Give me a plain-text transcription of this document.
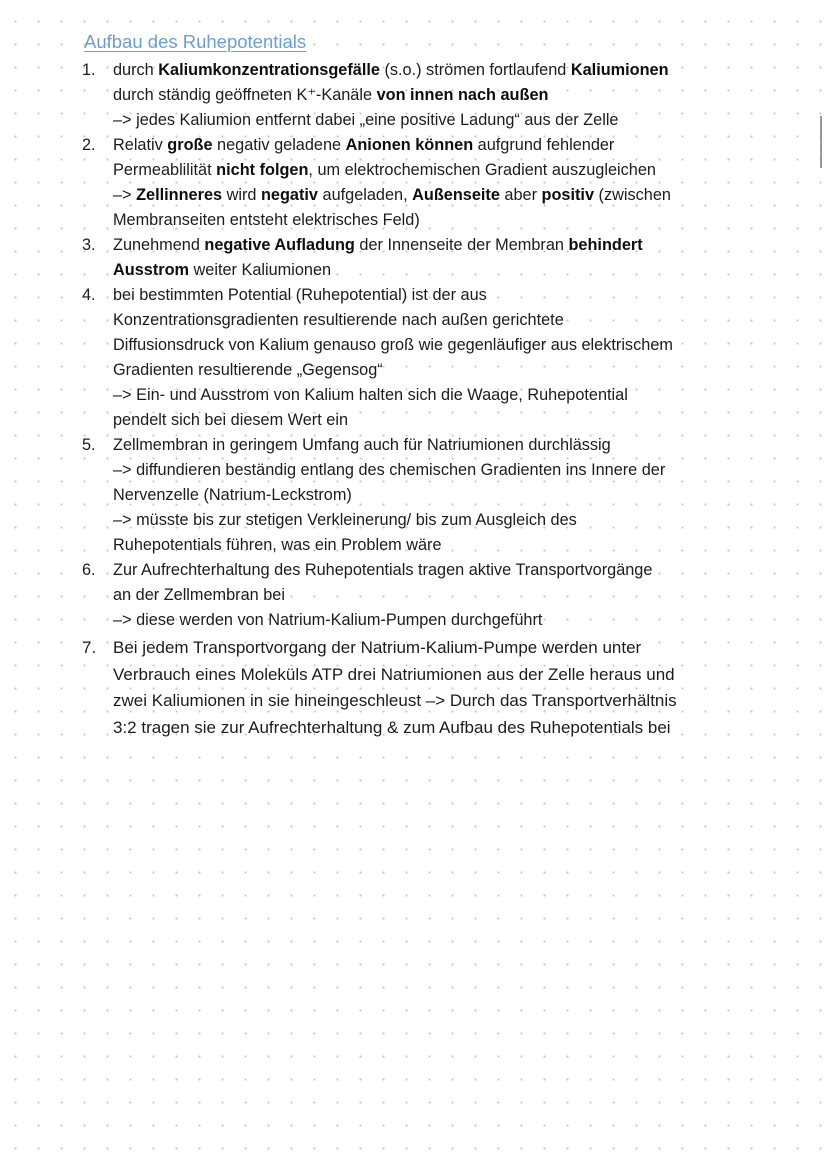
Aufbau des Ruhepotentials
1. durch Kaliumkonzentrationsgefälle (s.o.) strömen fortlaufend Kaliumionen
durch ständig geöffneten K⁺-Kanäle von innen nach außen
–> jedes Kaliumion entfernt dabei „eine positive Ladung“ aus der Zelle
2. Relativ große negativ geladene Anionen können aufgrund fehlender
Permeablilität nicht folgen, um elektrochemischen Gradient auszugleichen
–> Zellinneres wird negativ aufgeladen, Außenseite aber positiv (zwischen
Membranseiten entsteht elektrisches Feld)
3. Zunehmend negative Aufladung der Innenseite der Membran behindert
Ausstrom weiter Kaliumionen
4. bei bestimmten Potential (Ruhepotential) ist der aus
Konzentrationsgradienten resultierende nach außen gerichtete
Diffusionsdruck von Kalium genauso groß wie gegenläufiger aus elektrischem
Gradienten resultierende „Gegensog“
–> Ein- und Ausstrom von Kalium halten sich die Waage, Ruhepotential
pendelt sich bei diesem Wert ein
5. Zellmembran in geringem Umfang auch für Natriumionen durchlässig
–> diffundieren beständig entlang des chemischen Gradienten ins Innere der
Nervenzelle (Natrium-Leckstrom)
–> müsste bis zur stetigen Verkleinerung/ bis zum Ausgleich des
Ruhepotentials führen, was ein Problem wäre
6. Zur Aufrechterhaltung des Ruhepotentials tragen aktive Transportvorgänge
an der Zellmembran bei
–> diese werden von Natrium-Kalium-Pumpen durchgeführt
7. Bei jedem Transportvorgang der Natrium-Kalium-Pumpe werden unter
Verbrauch eines Moleküls ATP drei Natriumionen aus der Zelle heraus und
zwei Kaliumionen in sie hineingeschleust –> Durch das Transportverhältnis
3:2 tragen sie zur Aufrechterhaltung & zum Aufbau des Ruhepotentials bei
